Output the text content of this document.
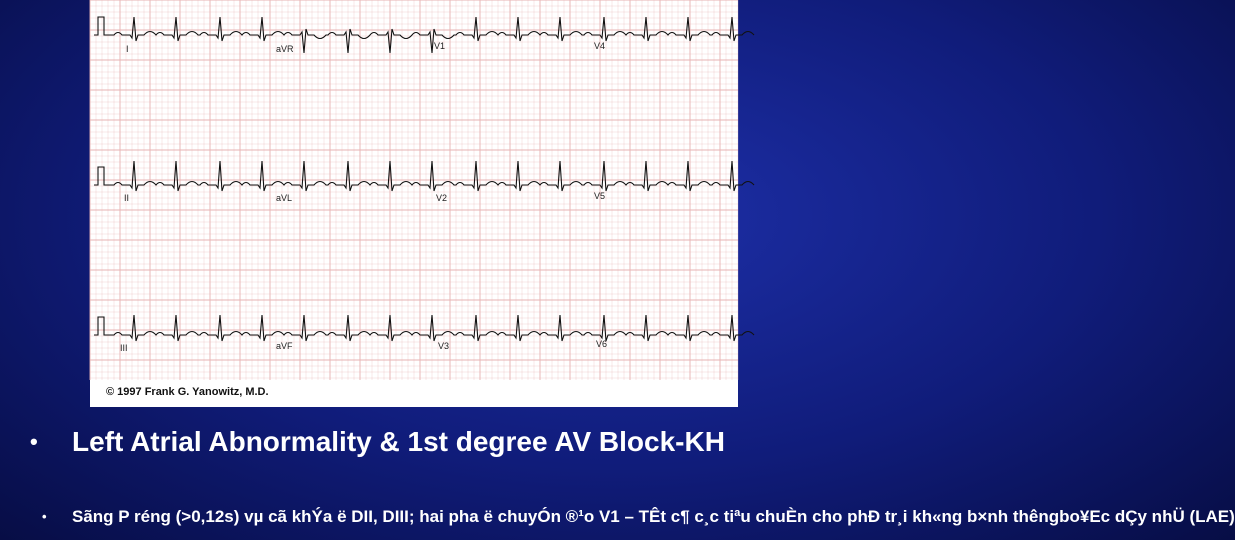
I	aVR	V1	V4
II	aVL	V2	V5
III	aVF	V3	V6
© 1997 Frank G. Yanowitz, M.D.
• Left Atrial Abnormality & 1st degree AV Block-KH
• Sãng P réng (>0,12s) vµ cã khÝa ë DII, DIII; hai pha ë chuyÓn ®¹o V1 – TÊt c¶ c¸c tiªu chuÈn cho phÐ tr¸i kh«ng b×nh thêngbo¥Ec dÇy nhÜ (LAE)
